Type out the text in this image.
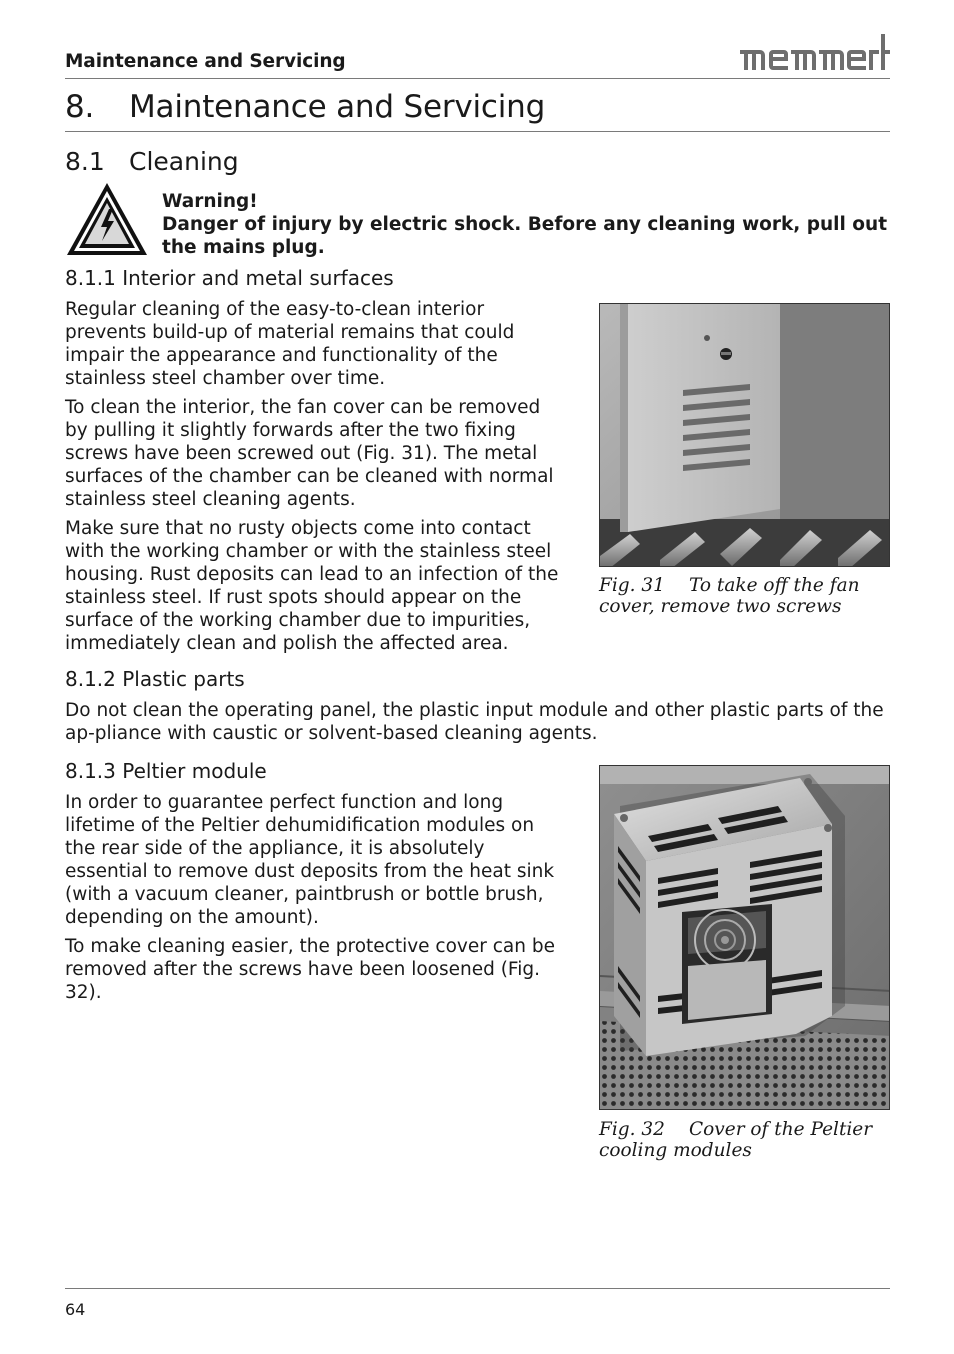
Maintenance and Servicing
8. Maintenance and Servicing
8.1 Cleaning
Warning!
Danger of injury by electric shock. Before any cleaning work, pull out the mains plug.
8.1.1 Interior and metal surfaces

Regular cleaning of the easy-to-clean interior prevents build-up of material remains that could impair the appearance and functionality of the stainless steel chamber over time.

To clean the interior, the fan cover can be removed by pulling it slightly forwards after the two fixing screws have been screwed out (Fig. 31). The metal surfaces of the chamber can be cleaned with normal stainless steel cleaning agents.

Make sure that no rusty objects come into contact with the working chamber or with the stainless steel housing. Rust deposits can lead to an infection of the stainless steel. If rust spots should appear on the surface of the working chamber due to impurities, immediately clean and polish the affected area.

Fig. 31 To take off the fan cover, remove two screws
8.1.2 Plastic parts

Do not clean the operating panel, the plastic input module and other plastic parts of the ap-pliance with caustic or solvent-based cleaning agents.

8.1.3 Peltier module

In order to guarantee perfect function and long lifetime of the Peltier dehumidification modules on the rear side of the appliance, it is absolutely essential to remove dust deposits from the heat sink (with a vacuum cleaner, paintbrush or bottle brush, depending on the amount).

To make cleaning easier, the protective cover can be removed after the screws have been loosened (Fig. 32).

Fig. 32 Cover of the Peltier cooling modules
64
